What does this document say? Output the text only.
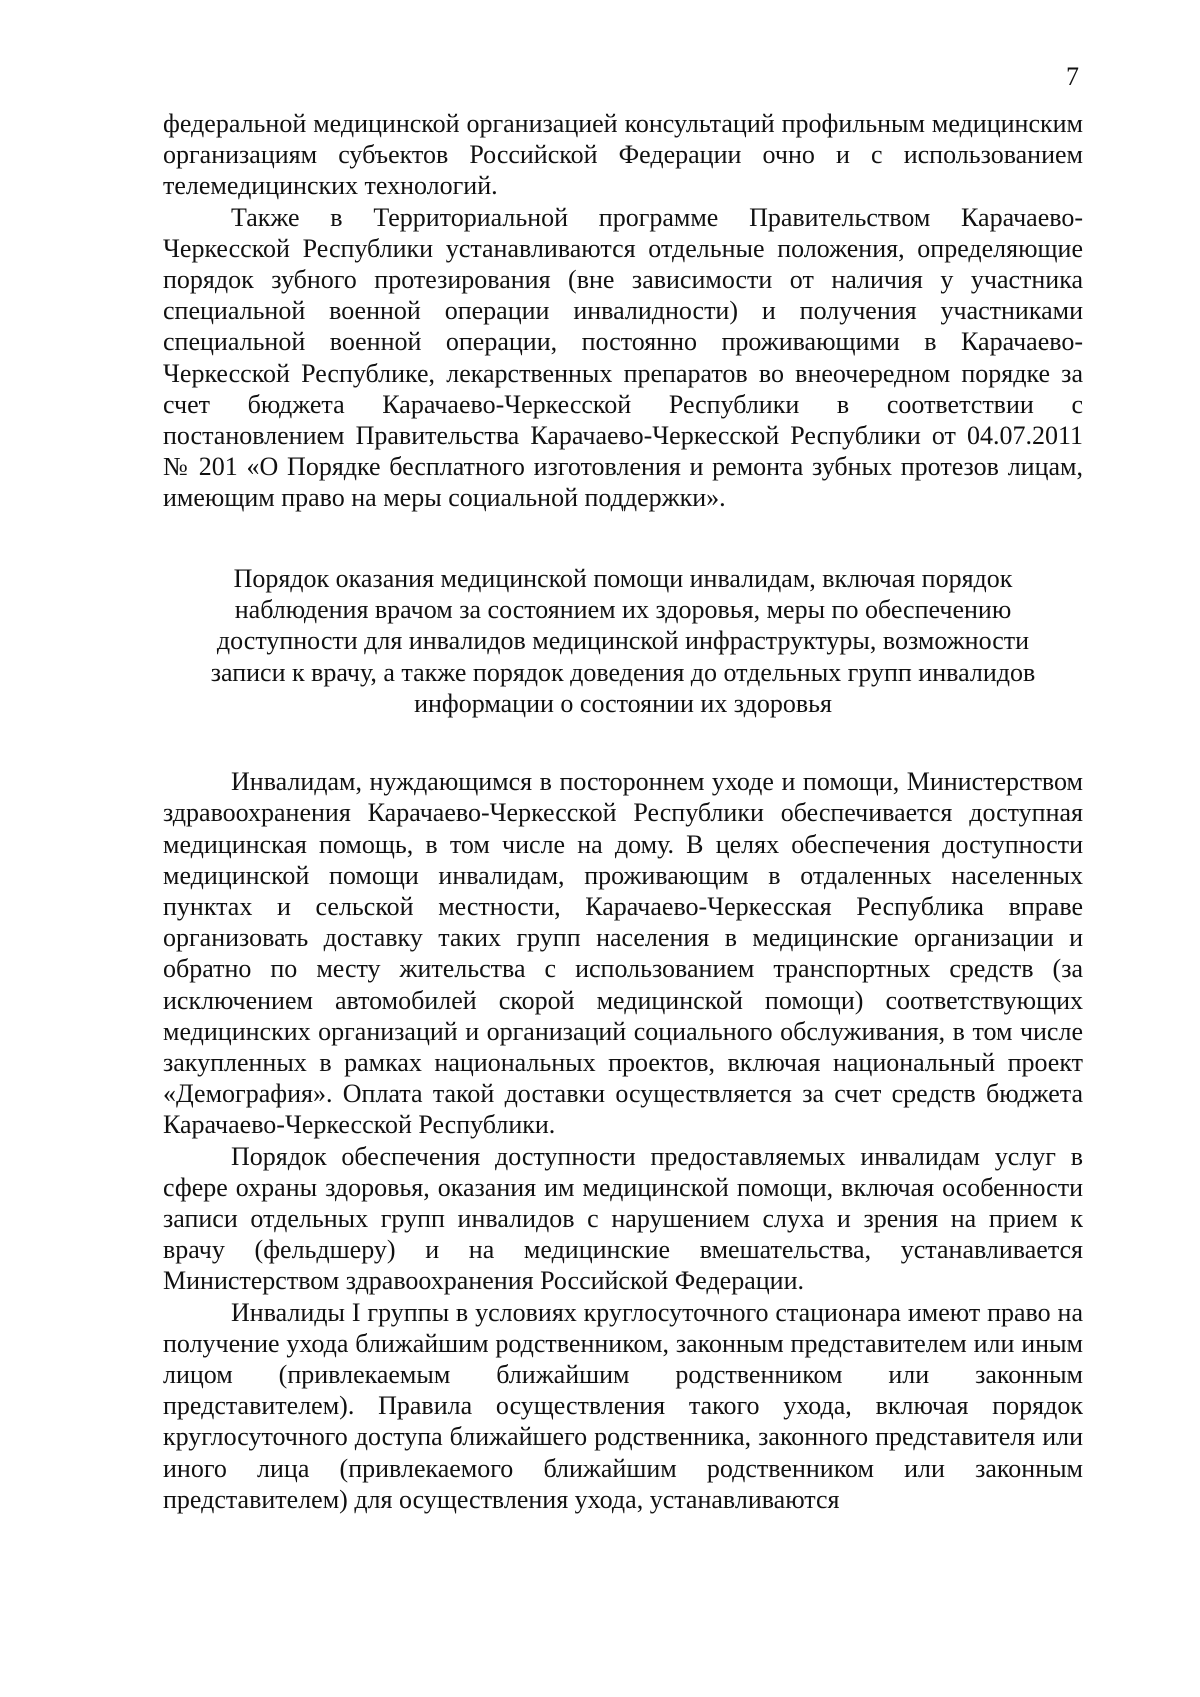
7

федеральной медицинской организацией консультаций профильным медицинским организациям субъектов Российской Федерации очно и с использованием телемедицинских технологий.

Также в Территориальной программе Правительством Карачаево-Черкесской Республики устанавливаются отдельные положения, определяющие порядок зубного протезирования (вне зависимости от наличия у участника специальной военной операции инвалидности) и получения участниками специальной военной операции, постоянно проживающими в Карачаево-Черкесской Республике, лекарственных препаратов во внеочередном порядке за счет бюджета Карачаево-Черкесской Республики в соответствии с постановлением Правительства Карачаево-Черкесской Республики от 04.07.2011 № 201 «О Порядке бесплатного изготовления и ремонта зубных протезов лицам, имеющим право на меры социальной поддержки».

Порядок оказания медицинской помощи инвалидам, включая порядок
наблюдения врачом за состоянием их здоровья, меры по обеспечению
доступности для инвалидов медицинской инфраструктуры, возможности
записи к врачу, а также порядок доведения до отдельных групп инвалидов
информации о состоянии их здоровья

Инвалидам, нуждающимся в постороннем уходе и помощи, Министерством здравоохранения Карачаево-Черкесской Республики обеспечивается доступная медицинская помощь, в том числе на дому. В целях обеспечения доступности медицинской помощи инвалидам, проживающим в отдаленных населенных пунктах и сельской местности, Карачаево-Черкесская Республика вправе организовать доставку таких групп населения в медицинские организации и обратно по месту жительства с использованием транспортных средств (за исключением автомобилей скорой медицинской помощи) соответствующих медицинских организаций и организаций социального обслуживания, в том числе закупленных в рамках национальных проектов, включая национальный проект «Демография». Оплата такой доставки осуществляется за счет средств бюджета Карачаево-Черкесской Республики.

Порядок обеспечения доступности предоставляемых инвалидам услуг в сфере охраны здоровья, оказания им медицинской помощи, включая особенности записи отдельных групп инвалидов с нарушением слуха и зрения на прием к врачу (фельдшеру) и на медицинские вмешательства, устанавливается Министерством здравоохранения Российской Федерации.

Инвалиды I группы в условиях круглосуточного стационара имеют право на получение ухода ближайшим родственником, законным представителем или иным лицом (привлекаемым ближайшим родственником или законным представителем). Правила осуществления такого ухода, включая порядок круглосуточного доступа ближайшего родственника, законного представителя или иного лица (привлекаемого ближайшим родственником или законным представителем) для осуществления ухода, устанавливаются
